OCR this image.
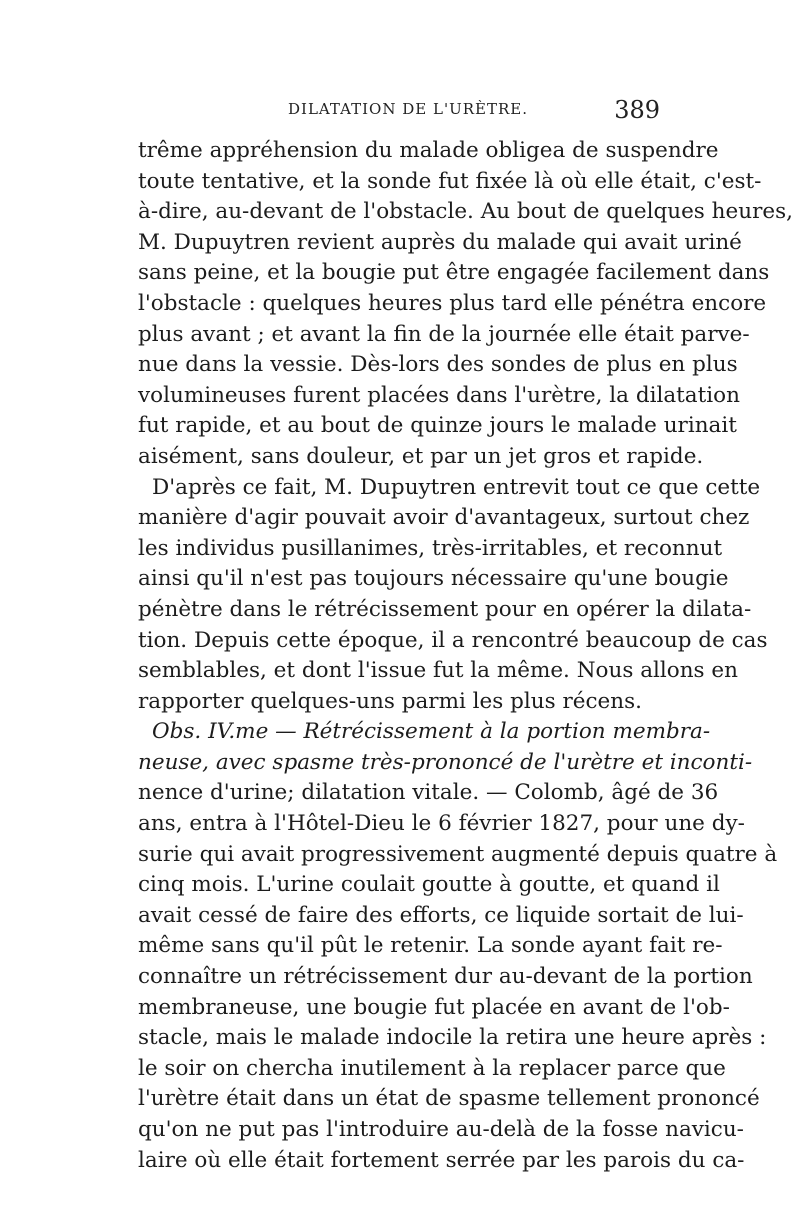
DILATATION DE L'URÈTRE.	389
trême appréhension du malade obligea de suspendre
toute tentative, et la sonde fut fixée là où elle était, c'est-
à-dire, au-devant de l'obstacle. Au bout de quelques heures,
M. Dupuytren revient auprès du malade qui avait uriné
sans peine, et la bougie put être engagée facilement dans
l'obstacle : quelques heures plus tard elle pénétra encore
plus avant ; et avant la fin de la journée elle était parve-
nue dans la vessie. Dès-lors des sondes de plus en plus
volumineuses furent placées dans l'urètre, la dilatation
fut rapide, et au bout de quinze jours le malade urinait
aisément, sans douleur, et par un jet gros et rapide.
D'après ce fait, M. Dupuytren entrevit tout ce que cette
manière d'agir pouvait avoir d'avantageux, surtout chez
les individus pusillanimes, très-irritables, et reconnut
ainsi qu'il n'est pas toujours nécessaire qu'une bougie
pénètre dans le rétrécissement pour en opérer la dilata-
tion. Depuis cette époque, il a rencontré beaucoup de cas
semblables, et dont l'issue fut la même. Nous allons en
rapporter quelques-uns parmi les plus récens.
Obs. IV.me — Rétrécissement à la portion membra-
neuse, avec spasme très-prononcé de l'urètre et inconti-
nence d'urine; dilatation vitale. — Colomb, âgé de 36
ans, entra à l'Hôtel-Dieu le 6 février 1827, pour une dy-
surie qui avait progressivement augmenté depuis quatre à
cinq mois. L'urine coulait goutte à goutte, et quand il
avait cessé de faire des efforts, ce liquide sortait de lui-
même sans qu'il pût le retenir. La sonde ayant fait re-
connaître un rétrécissement dur au-devant de la portion
membraneuse, une bougie fut placée en avant de l'ob-
stacle, mais le malade indocile la retira une heure après :
le soir on chercha inutilement à la replacer parce que
l'urètre était dans un état de spasme tellement prononcé
qu'on ne put pas l'introduire au-delà de la fosse navicu-
laire où elle était fortement serrée par les parois du ca-
